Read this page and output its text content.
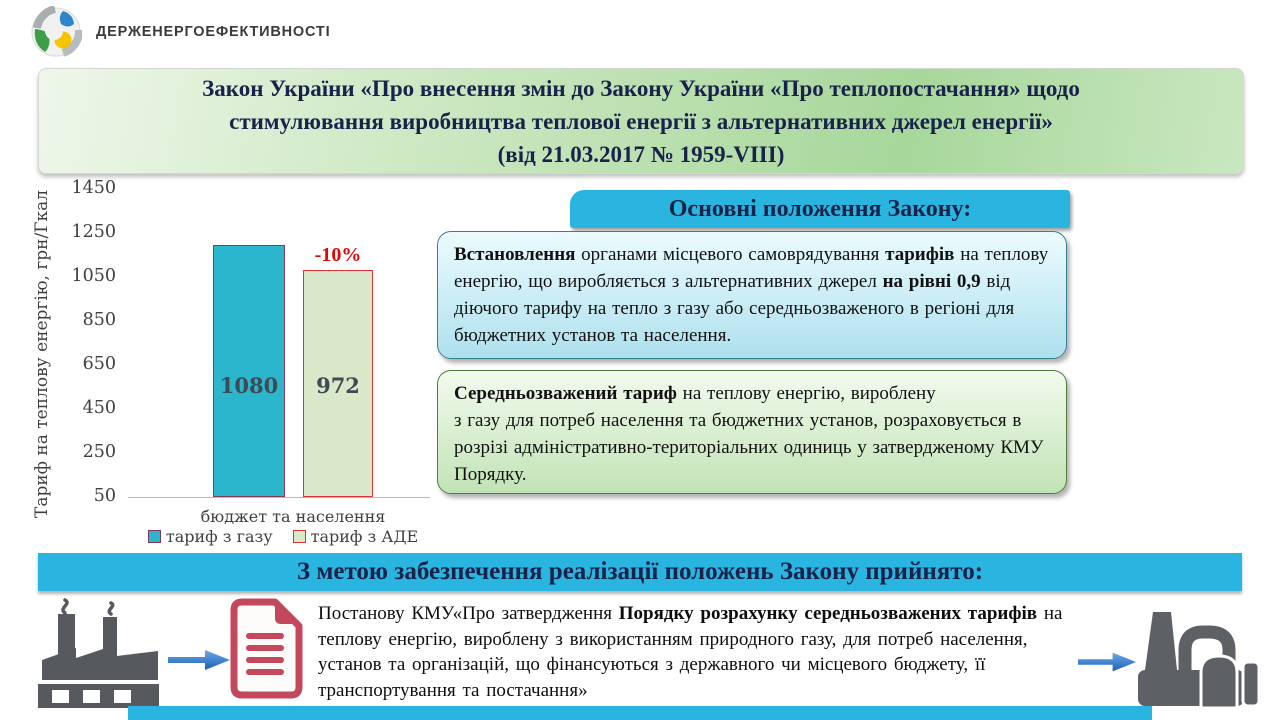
ДЕРЖЕНЕРГОЕФЕКТИВНОСТІ
Закон України «Про внесення змін до Закону України «Про теплопостачання» щодо
стимулювання виробництва теплової енергії з альтернативних джерел енергії»
(від 21.03.2017 № 1959-VIII)
Тариф на теплову енергію, грн/Гкал	50
250
450
650
850
1050
1250
1450
1080	972
-10%
бюджет та населення
тариф з газу тариф з АДЕ
Основні положення Закону:
Встановлення органами місцевого самоврядування тарифів на теплову енергію, що виробляється з альтернативних джерел на рівні 0,9 від діючого тарифу на тепло з газу або середньозваженого в регіоні для бюджетних установ та населення.
Середньозважений тариф на теплову енергію, вироблену
з газу для потреб населення та бюджетних установ, розраховується в розрізі адміністративно-територіальних одиниць у затвердженому КМУ Порядку.
З метою забезпечення реалізації положень Закону прийнято:
Постанову КМУ«Про затвердження Порядку розрахунку середньозважених тарифів на теплову енергію, вироблену з використанням природного газу, для потреб населення, установ та організацій, що фінансуються з державного чи місцевого бюджету, її транспортування та постачання»
